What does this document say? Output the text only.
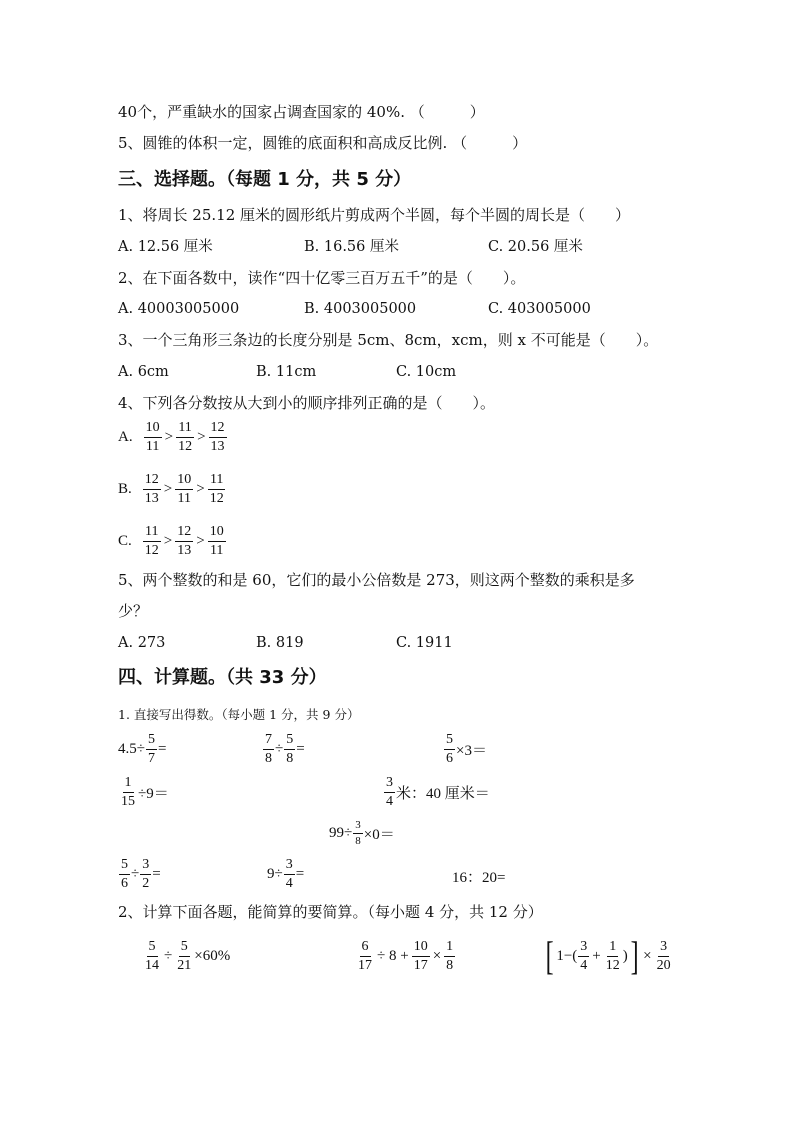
40个，严重缺水的国家占调查国家的 40%. （　　　）
5、圆锥的体积一定，圆锥的底面积和高成反比例. （　　　）
三、选择题。（每题 1 分，共 5 分）
1、将周长 25.12 厘米的圆形纸片剪成两个半圆，每个半圆的周长是（　　）
A. 12.56 厘米	B. 16.56 厘米	C. 20.56 厘米
2、在下面各数中，读作“四十亿零三百万五千”的是（　　）。
A. 40003005000	B. 4003005000	C. 403005000
3、一个三角形三条边的长度分别是 5cm、8cm，xcm，则 x 不可能是（　　）。
A. 6cm	B. 11cm	C. 10cm
4、下列各分数按从大到小的顺序排列正确的是（　　）。
A. $\frac{10}{11} > \frac{11}{12} > \frac{12}{13}$
B. $\frac{12}{13} > \frac{10}{11} > \frac{11}{12}$
C. $\frac{11}{12} > \frac{12}{13} > \frac{10}{11}$
5、两个整数的和是 60，它们的最小公倍数是 273，则这两个整数的乘积是多
少？
A. 273	B. 819	C. 1911
四、计算题。（共 33 分）
1. 直接写出得数。（每小题 1 分，共 9 分）
$4.5\div \frac{5}{7}$ =	$\frac{7}{8} \div \frac{5}{8}$ =	$\frac{5}{6} \times 3=$
$\frac{1}{15} \div 9=$	$\frac{3}{4}$ 米：40 厘米＝
$99\div \frac{3}{8} \times 0=$
$\frac{5}{6} \div \frac{3}{2}$ =	$9\div \frac{3}{4}$ =	16：20=
2、计算下面各题，能简算的要简算。（每小题 4 分，共 12 分）
$\frac{5}{14} \div \frac{5}{21} \times 60\%$	$\frac{6}{17} \div 8 + \frac{10}{17} \times \frac{1}{8}$ [ $1-( \frac{3}{4} + \frac{1}{12}$ ) ] × $\frac{3}{20}$
